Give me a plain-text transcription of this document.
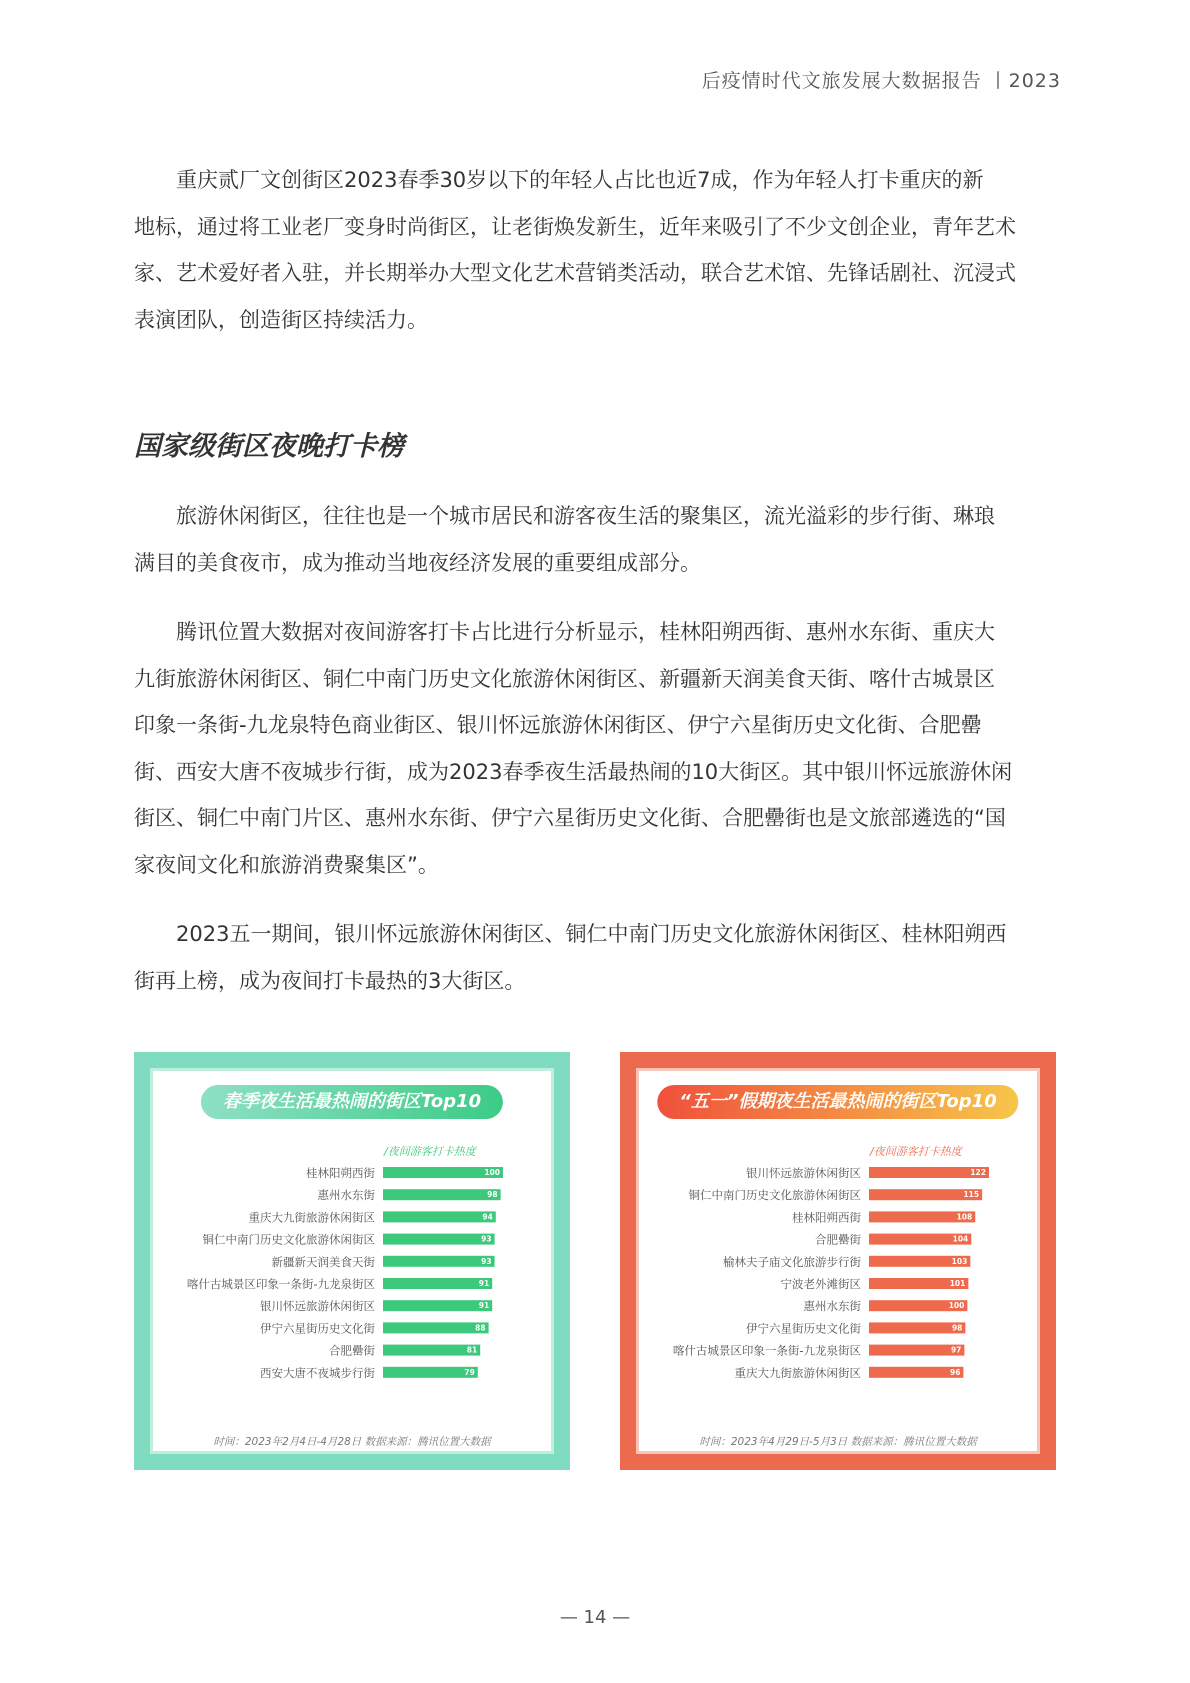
后疫情时代文旅发展大数据报告 丨2023
重庆贰厂文创街区2023春季30岁以下的年轻人占比也近7成，作为年轻人打卡重庆的新
地标，通过将工业老厂变身时尚街区，让老街焕发新生，近年来吸引了不少文创企业，青年艺术
家、艺术爱好者入驻，并长期举办大型文化艺术营销类活动，联合艺术馆、先锋话剧社、沉浸式
表演团队，创造街区持续活力。
国家级街区夜晚打卡榜
旅游休闲街区，往往也是一个城市居民和游客夜生活的聚集区，流光溢彩的步行街、琳琅
满目的美食夜市，成为推动当地夜经济发展的重要组成部分。
腾讯位置大数据对夜间游客打卡占比进行分析显示，桂林阳朔西街、惠州水东街、重庆大
九街旅游休闲街区、铜仁中南门历史文化旅游休闲街区、新疆新天润美食天街、喀什古城景区
印象一条街-九龙泉特色商业街区、银川怀远旅游休闲街区、伊宁六星街历史文化街、合肥罍
街、西安大唐不夜城步行街，成为2023春季夜生活最热闹的10大街区。其中银川怀远旅游休闲
街区、铜仁中南门片区、惠州水东街、伊宁六星街历史文化街、合肥罍街也是文旅部遴选的“国
家夜间文化和旅游消费聚集区”。
2023五一期间，银川怀远旅游休闲街区、铜仁中南门历史文化旅游休闲街区、桂林阳朔西
街再上榜，成为夜间打卡最热的3大街区。
桂林阳朔西街	100
惠州水东街	98
重庆大九街旅游休闲街区	94
铜仁中南门历史文化旅游休闲街区	93
新疆新天润美食天街	93
喀什古城景区印象一条街-九龙泉街区	91
银川怀远旅游休闲街区	91
伊宁六星街历史文化街	88
合肥罍街	81
西安大唐不夜城步行街	79
春季夜生活最热闹的街区Top10
/夜间游客打卡热度
时间：2023年2月4日-4月28日 数据来源：腾讯位置大数据
银川怀远旅游休闲街区	122
铜仁中南门历史文化旅游休闲街区	115
桂林阳朔西街	108
合肥罍街	104
榆林夫子庙文化旅游步行街	103
宁波老外滩街区	101
惠州水东街	100
伊宁六星街历史文化街	98
喀什古城景区印象一条街-九龙泉街区	97
重庆大九街旅游休闲街区	96
“五一”假期夜生活最热闹的街区Top10
/夜间游客打卡热度
时间：2023年4月29日-5月3日 数据来源：腾讯位置大数据
— 14 —
